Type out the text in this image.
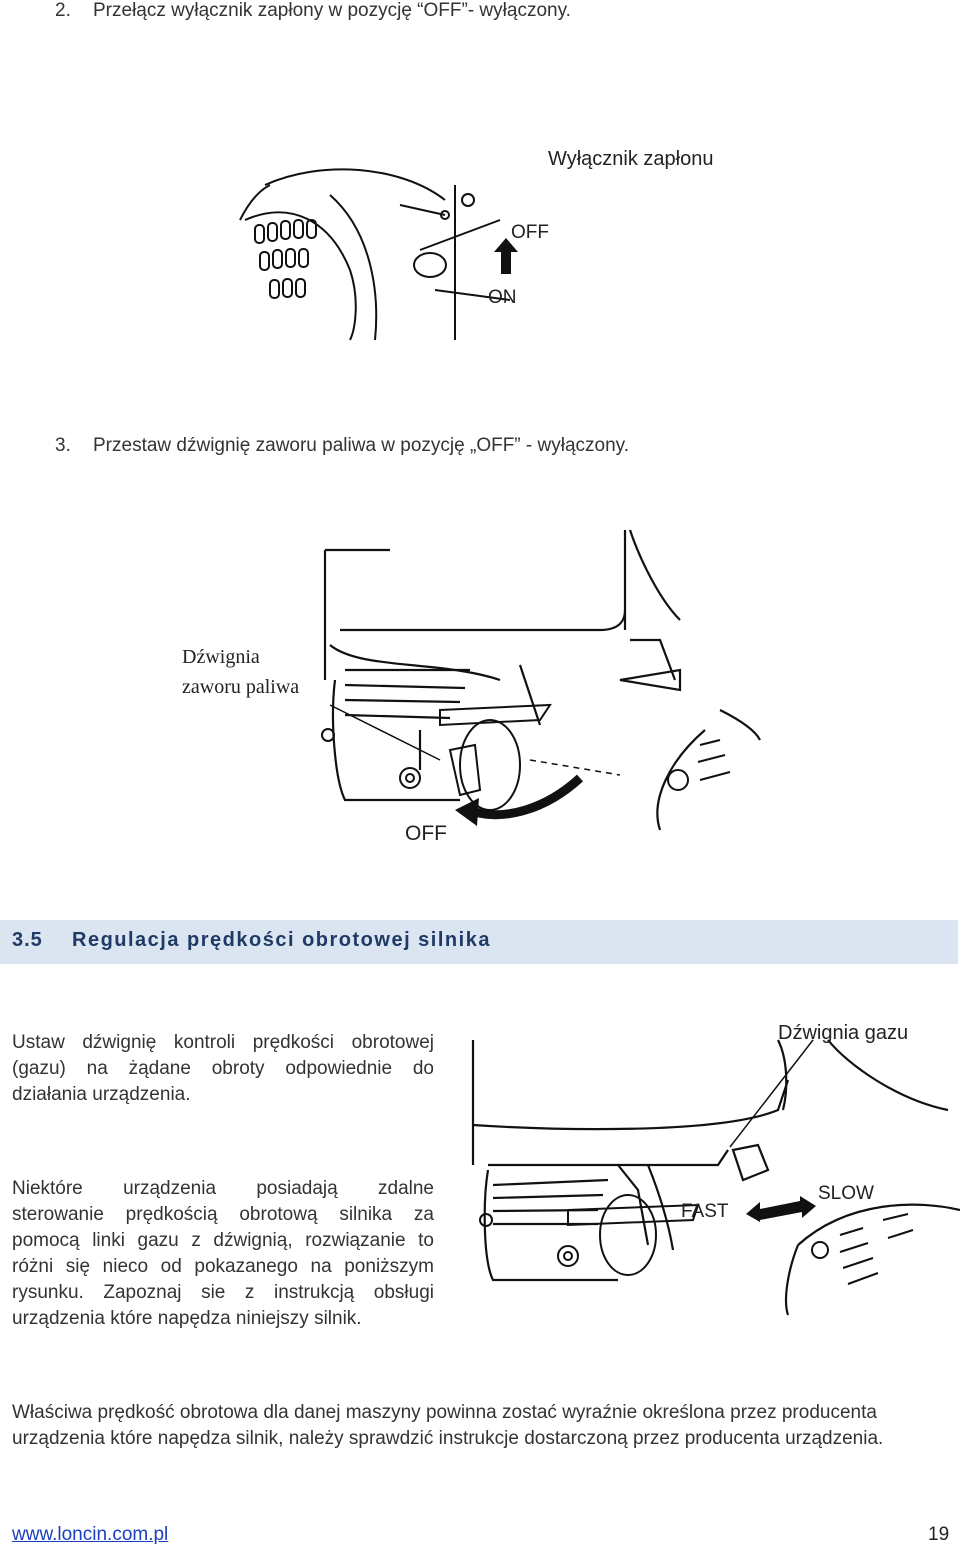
2. Przełącz wyłącznik zapłony w pozycję “OFF”- wyłączony.
Wyłącznik zapłonu
OFF
ON
3. Przestaw dźwignię zaworu paliwa w pozycję „OFF” - wyłączony.
Dźwignia
zaworu paliwa
OFF
3.5 Regulacja prędkości obrotowej silnika
Ustaw dźwignię kontroli prędkości obrotowej
(gazu) na żądane obroty odpowiednie do
działania urządzenia.
Niektóre urządzenia posiadają zdalne
sterowanie prędkością obrotową silnika za
pomocą linki gazu z dźwignią, rozwiązanie to
różni się nieco od pokazanego na poniższym
rysunku. Zapoznaj sie z instrukcją obsługi
urządzenia które napędza niniejszy silnik.
Dźwignia gazu
FAST
SLOW
Właściwa prędkość obrotowa dla danej maszyny powinna zostać wyraźnie określona przez producenta
urządzenia które napędza silnik, należy sprawdzić instrukcje dostarczoną przez producenta urządzenia.
www.loncin.com.pl	19
